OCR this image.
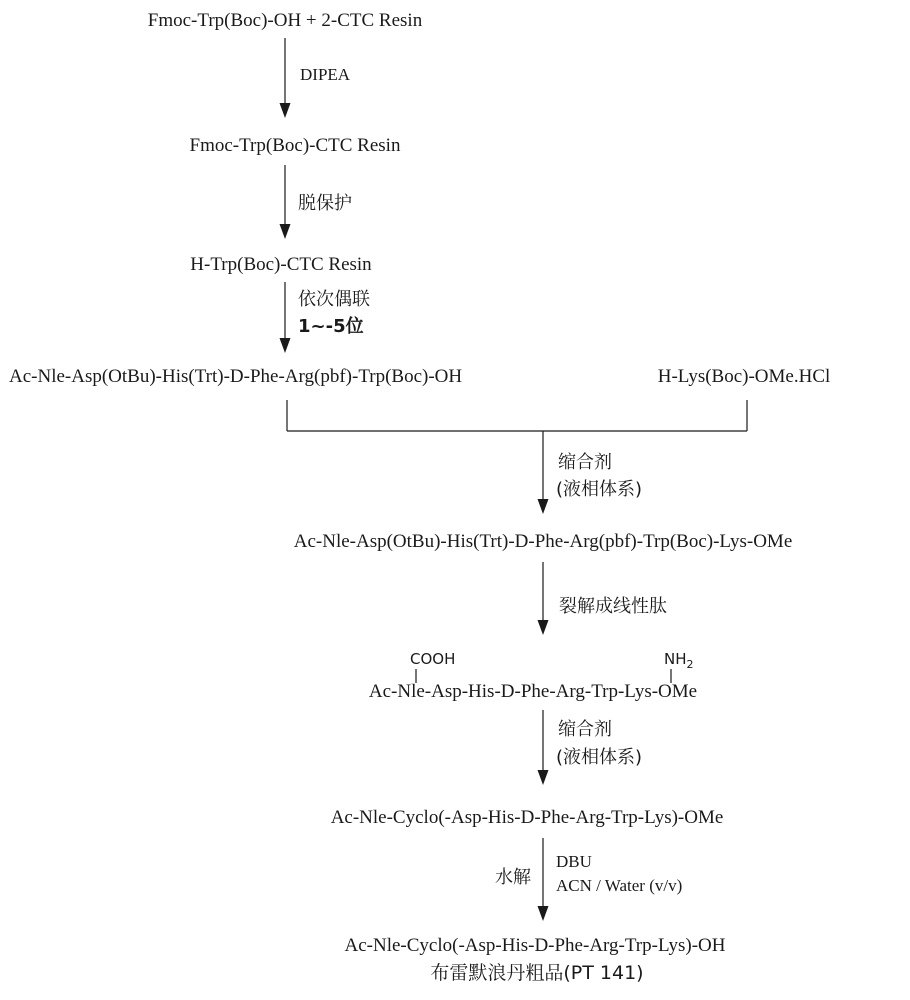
Fmoc-Trp(Boc)-OH + 2-CTC Resin
DIPEA
Fmoc-Trp(Boc)-CTC Resin
脱保护
H-Trp(Boc)-CTC Resin
依次偶联
1~-5位
Ac-Nle-Asp(OtBu)-His(Trt)-D-Phe-Arg(pbf)-Trp(Boc)-OH	H-Lys(Boc)-OMe.HCl
缩合剂
(液相体系)
Ac-Nle-Asp(OtBu)-His(Trt)-D-Phe-Arg(pbf)-Trp(Boc)-Lys-OMe
裂解成线性肽
COOH	$NH_2$
Ac-Nle-Asp-His-D-Phe-Arg-Trp-Lys-OMe
缩合剂
(液相体系)
Ac-Nle-Cyclo(-Asp-His-D-Phe-Arg-Trp-Lys)-OMe
水解
DBU
ACN / Water (v/v)
Ac-Nle-Cyclo(-Asp-His-D-Phe-Arg-Trp-Lys)-OH
布雷默浪丹粗品(PT 141)
